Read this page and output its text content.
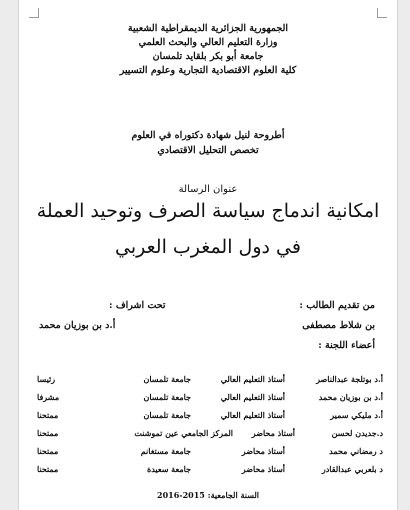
الجمهورية الجزائرية الديمقراطية الشعبية
وزارة التعليم العالي والبحث العلمي
جامعة أبو بكر بلقايد تلمسان
كلية العلوم الاقتصادية التجارية وعلوم التسيير
أطروحة لنيل شهادة دكتوراه في العلوم
تخصص التحليل الاقتصادي
عنوان الرسالة
امكانية اندماج سياسة الصرف وتوحيد العملة
في دول المغرب العربي
من تقديم الطالب :
بن شلاط مصطفى
تحت اشراف :
أ.د بن بوزيان محمد
أعضاء اللجنة :
أ.د بوتلجة عبدالناصر
أستاذ التعليم العالي
جامعة تلمسان
رئيسا
أ.د بن بوزيان محمد
أستاذ التعليم العالي
جامعة تلمسان
مشرفا
أ.د مليكي سمير
أستاذ التعليم العالي
جامعة تلمسان
ممتحنا
د.جديدن لحسن
أستاذ محاضر
المركز الجامعي عين تموشنت
ممتحنا
د رمضاني محمد
أستاذ محاضر
جامعة مستغانم
ممتحنا
د بلعربي عبدالقادر
أستاذ محاضر
جامعة سعيدة
ممتحنا
السنة الجامعية: 2015-2016
